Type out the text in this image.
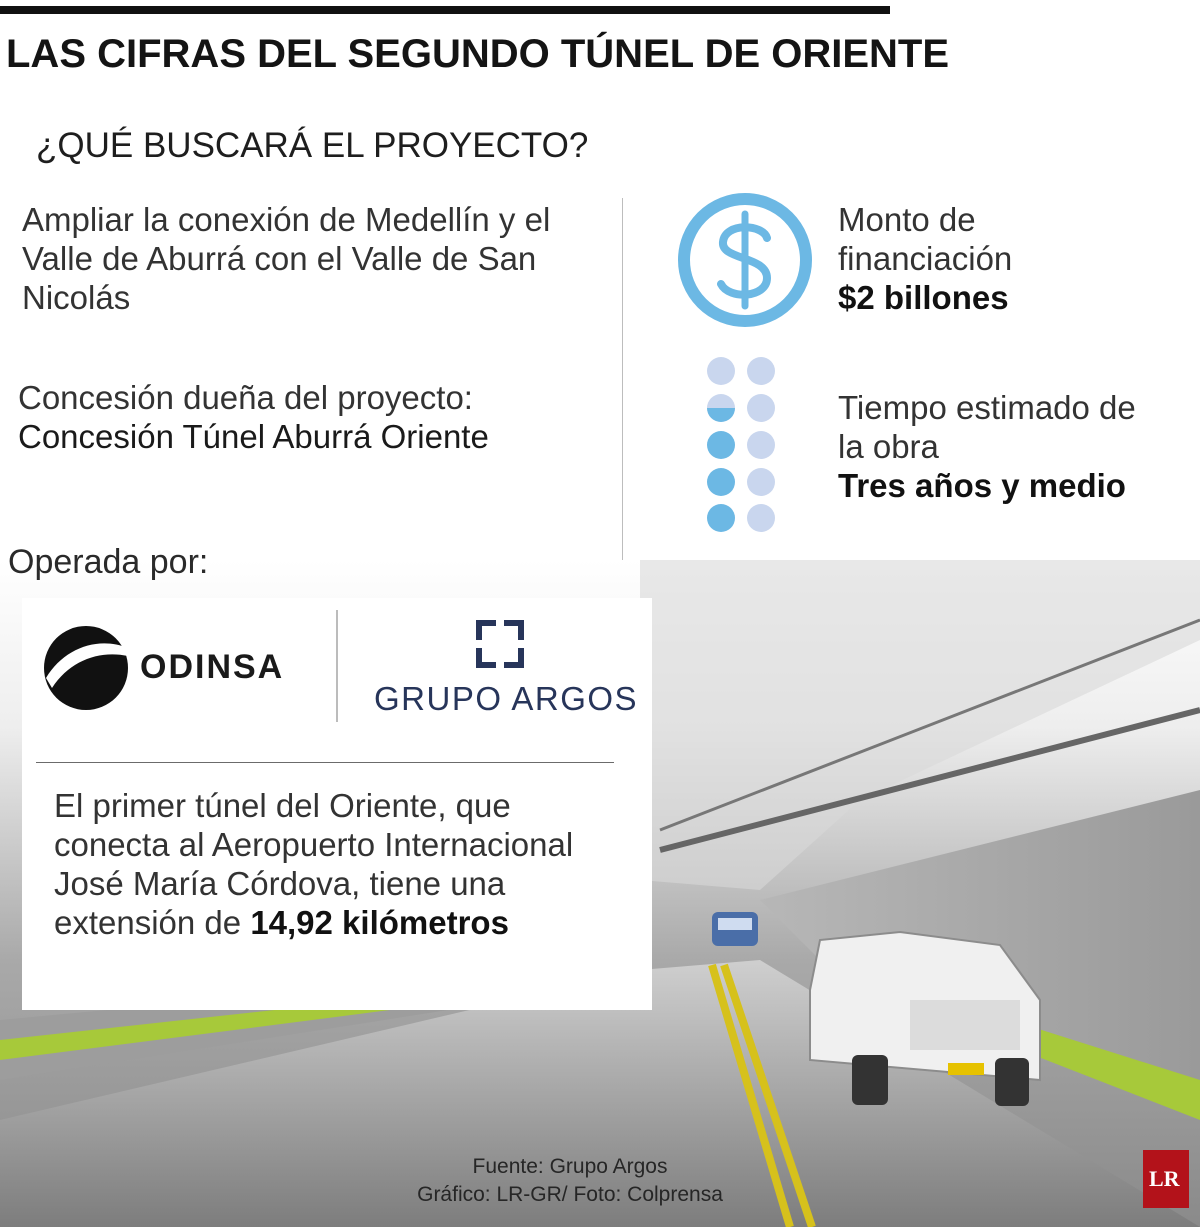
LAS CIFRAS DEL SEGUNDO TÚNEL DE ORIENTE
¿QUÉ BUSCARÁ EL PROYECTO?
Ampliar la conexión de Medellín y el Valle de Aburrá con el Valle de San Nicolás
Concesión dueña del proyecto:
Concesión Túnel Aburrá Oriente
Monto de financiación
$2 billones
Tiempo estimado de la obra
Tres años y medio
Operada por:
ODINSA
GRUPO ARGOS
El primer túnel del Oriente, que conecta al Aeropuerto Internacional José María Córdova, tiene una extensión de 14,92 kilómetros
Fuente: Grupo Argos
Gráfico: LR-GR/ Foto: Colprensa
LR
